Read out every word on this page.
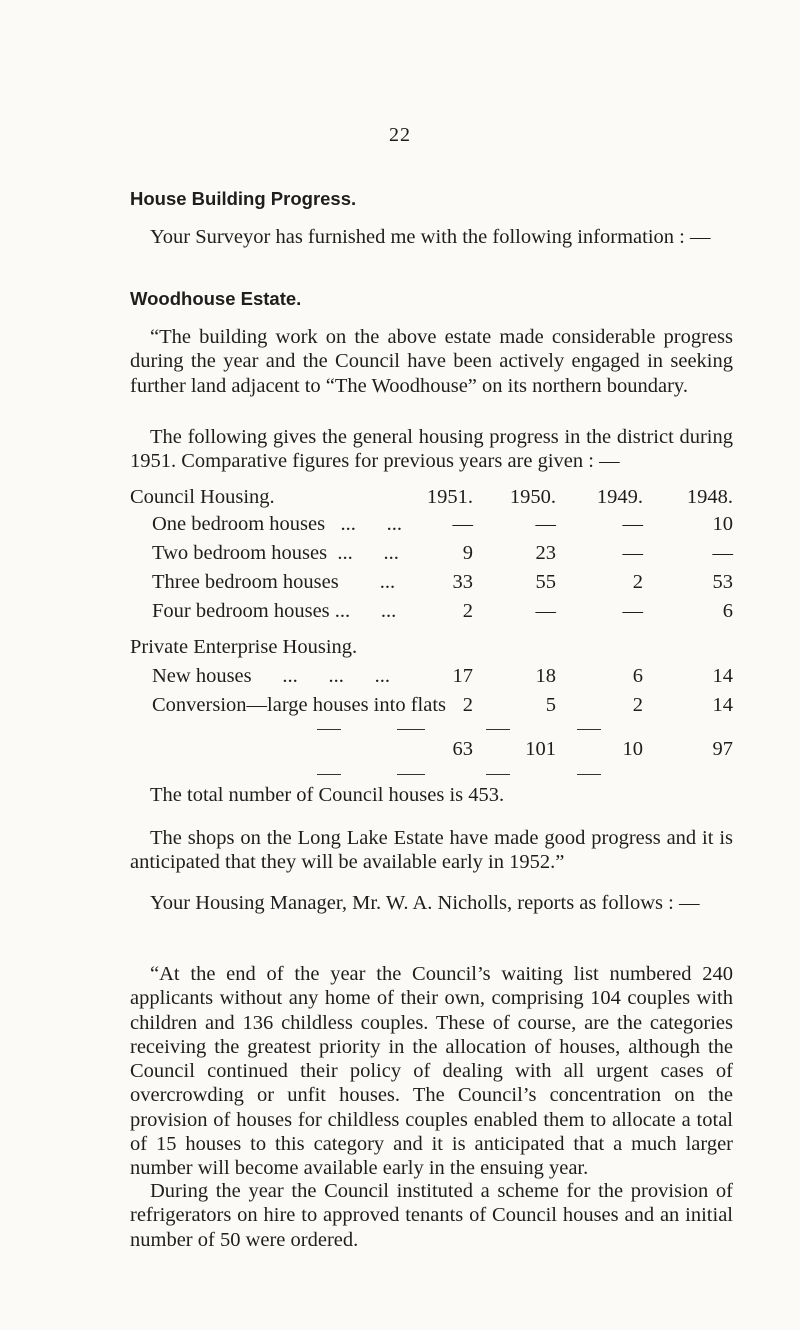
22
House Building Progress.

Your Surveyor has furnished me with the following information : —

Woodhouse Estate.

“The building work on the above estate made considerable progress during the year and the Council have been actively engaged in seeking further land adjacent to “The Woodhouse” on its northern boundary.

The following gives the general housing progress in the district during 1951. Comparative figures for previous years are given : —

Council Housing.	1951.	1950.	1949.	1948.
One bedroom houses   ...      ...	—	—	—	10
Two bedroom houses  ...      ...	9	23	—	—
Three bedroom houses        ...	33	55	2	53
Four bedroom houses ...      ...	2	—	—	6
Private Enterprise Housing.
New houses      ...      ...      ...	17	18	6	14
Conversion—large houses into flats 2	5	2	14
63	101	10	97

The total number of Council houses is 453.

The shops on the Long Lake Estate have made good progress and it is anticipated that they will be available early in 1952.”

Your Housing Manager, Mr. W. A. Nicholls, reports as follows : —

“At the end of the year the Council’s waiting list numbered 240 applicants without any home of their own, comprising 104 couples with children and 136 childless couples. These of course, are the categories receiving the greatest priority in the allocation of houses, although the Council continued their policy of dealing with all urgent cases of overcrowding or unfit houses. The Council’s concentration on the provision of houses for childless couples enabled them to allocate a total of 15 houses to this category and it is anticipated that a much larger number will become available early in the ensuing year.

During the year the Council instituted a scheme for the provision of refrigerators on hire to approved tenants of Council houses and an initial number of 50 were ordered.
